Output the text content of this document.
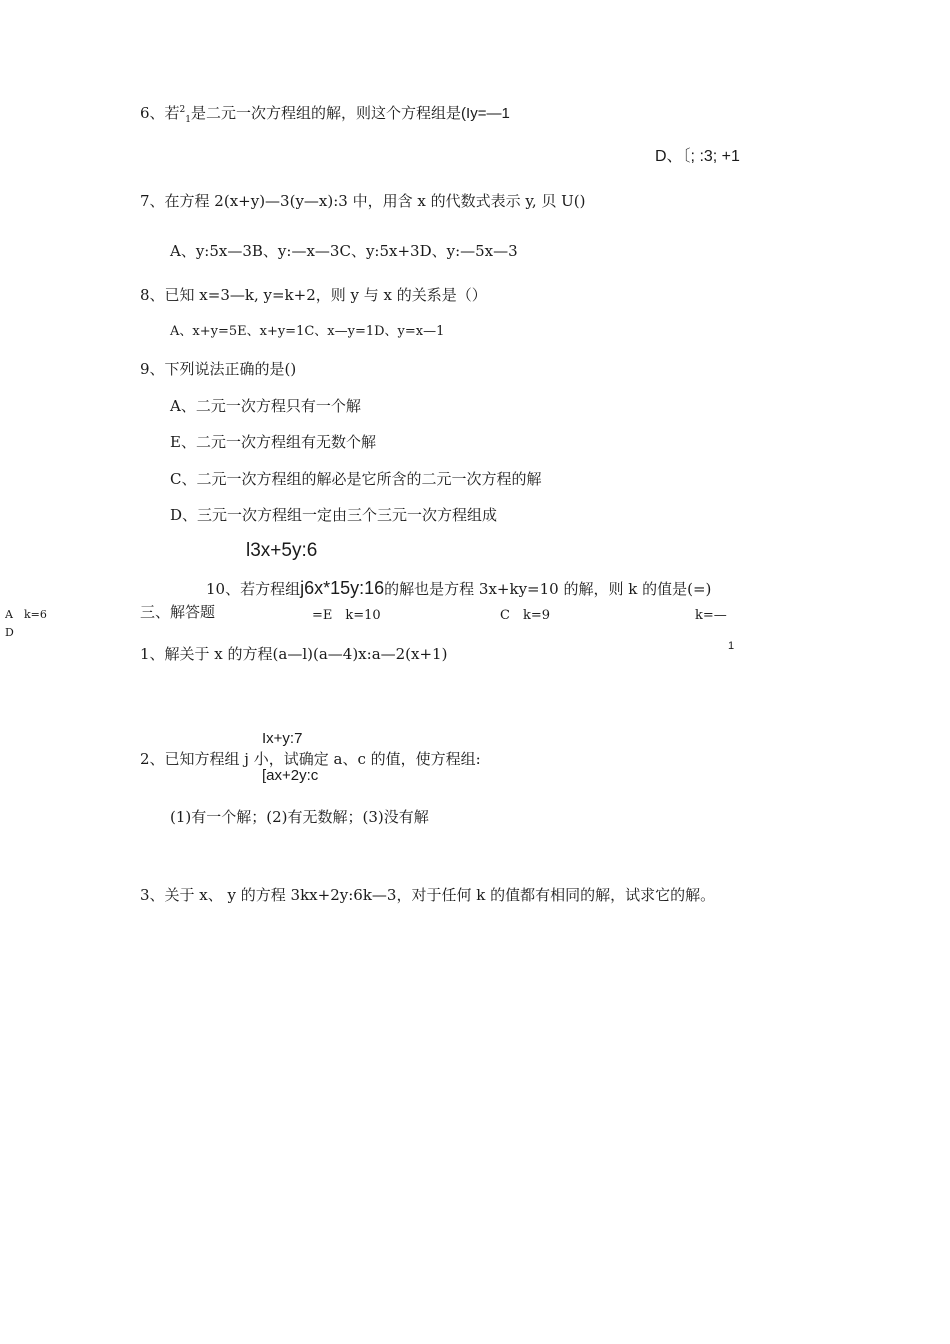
6、若$^2_1$是二元一次方程组的解，则这个方程组是(Iy=—1
D、〔; :3; +1
7、在方程 2(x+y)—3(y—x):3 中，用含 x 的代数式表示 y, 贝 U()
A、y:5x—3B、y:—x—3C、y:5x+3D、y:—5x—3
8、已知 x=3—k, y=k+2，则 y 与 x 的关系是（）
A、x+y=5E、x+y=1C、x—y=1D、y=x—1
9、下列说法正确的是()
A、二元一次方程只有一个解
E、二元一次方程组有无数个解
C、二元一次方程组的解必是它所含的二元一次方程的解
D、三元一次方程组一定由三个三元一次方程组成
l3x+5y:6
10、若方程组j6x*15y:16的解也是方程 3x+ky=10 的解，则 k 的值是(=)
A　k=6
D
=E　k=10	C　k=9	k=—
三、解答题
1、解关于 x 的方程(a—l)(a—4)x:a—2(x+1)	1
Ix+y:7
2、已知方程组 j 小，试确定 a、c 的值，使方程组:
[ax+2y:c
(1)有一个解；(2)有无数解；(3)没有解
3、关于 x、 y 的方程 3kx+2y:6k—3，对于任何 k 的值都有相同的解，试求它的解。
